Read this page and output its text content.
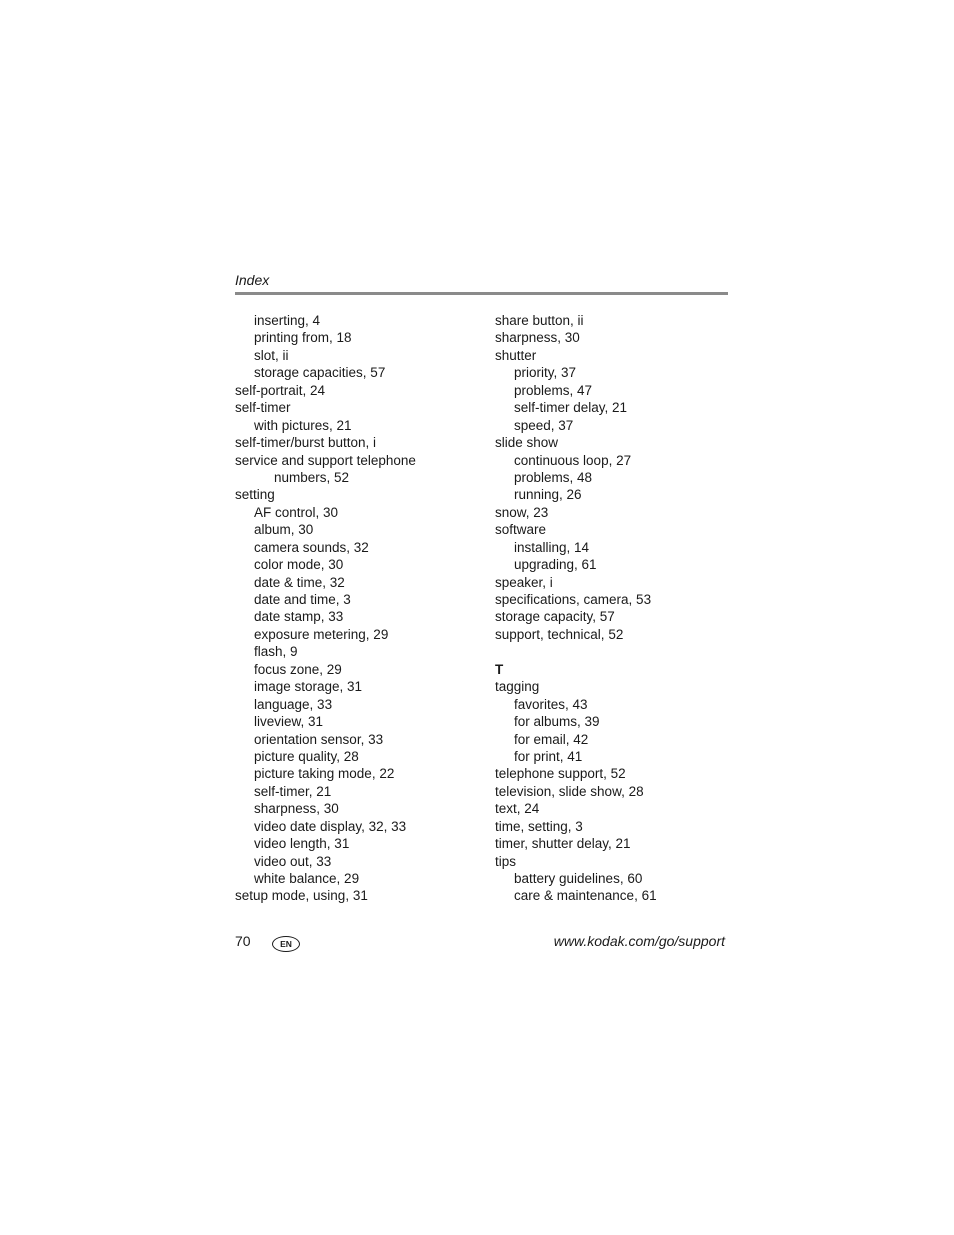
Index
inserting, 4
printing from, 18
slot, ii
storage capacities, 57
self-portrait, 24
self-timer
with pictures, 21
self-timer/burst button, i
service and support telephone
numbers, 52
setting
AF control, 30
album, 30
camera sounds, 32
color mode, 30
date & time, 32
date and time, 3
date stamp, 33
exposure metering, 29
flash, 9
focus zone, 29
image storage, 31
language, 33
liveview, 31
orientation sensor, 33
picture quality, 28
picture taking mode, 22
self-timer, 21
sharpness, 30
video date display, 32, 33
video length, 31
video out, 33
white balance, 29
setup mode, using, 31
share button, ii
sharpness, 30
shutter
priority, 37
problems, 47
self-timer delay, 21
speed, 37
slide show
continuous loop, 27
problems, 48
running, 26
snow, 23
software
installing, 14
upgrading, 61
speaker, i
specifications, camera, 53
storage capacity, 57
support, technical, 52
T
tagging
favorites, 43
for albums, 39
for email, 42
for print, 41
telephone support, 52
television, slide show, 28
text, 24
time, setting, 3
timer, shutter delay, 21
tips
battery guidelines, 60
care & maintenance, 61
70	EN	www.kodak.com/go/support
